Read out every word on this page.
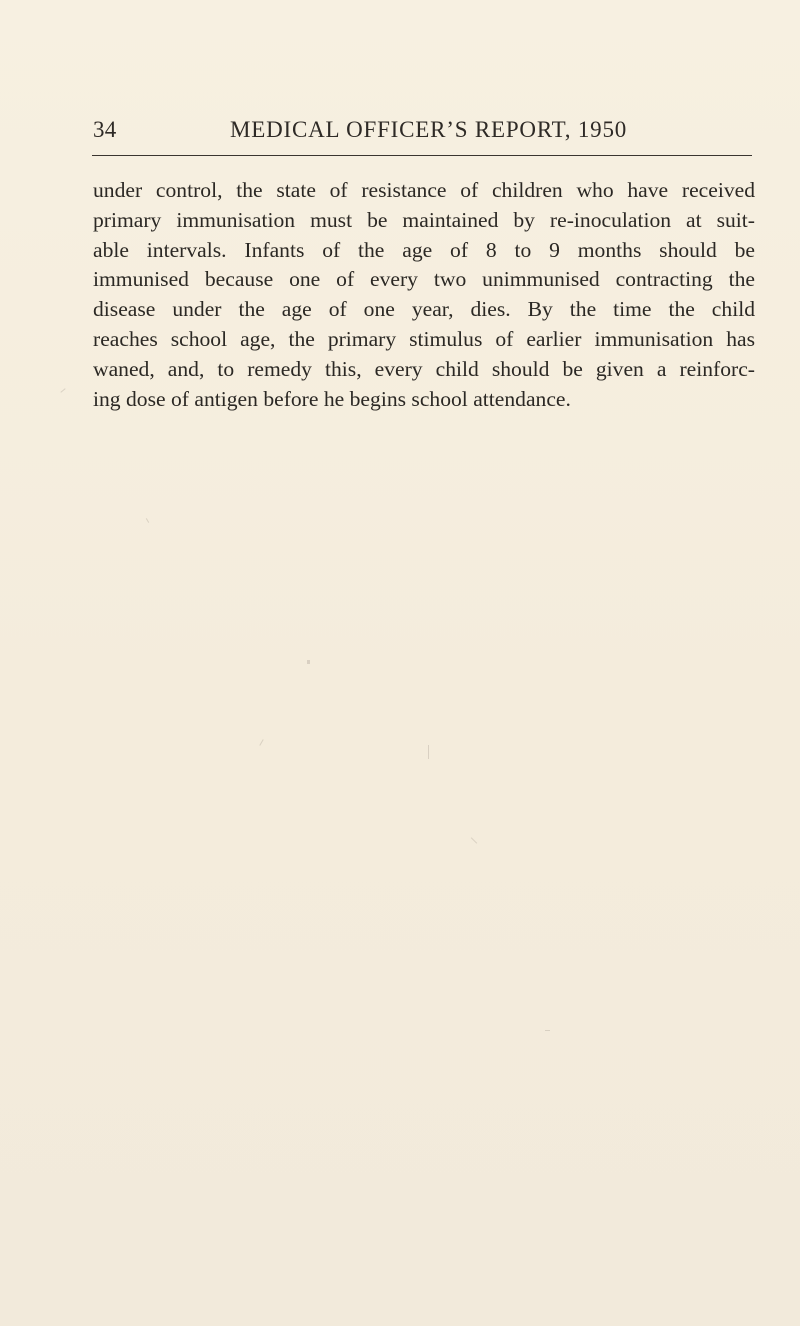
34	MEDICAL OFFICER’S REPORT, 1950
under control, the state of resistance of children who have received
primary immunisation must be maintained by re-inoculation at suit-
able intervals. Infants of the age of 8 to 9 months should be
immunised because one of every two unimmunised contracting the
disease under the age of one year, dies. By the time the child
reaches school age, the primary stimulus of earlier immunisation has
waned, and, to remedy this, every child should be given a reinforc-
ing dose of antigen before he begins school attendance.
